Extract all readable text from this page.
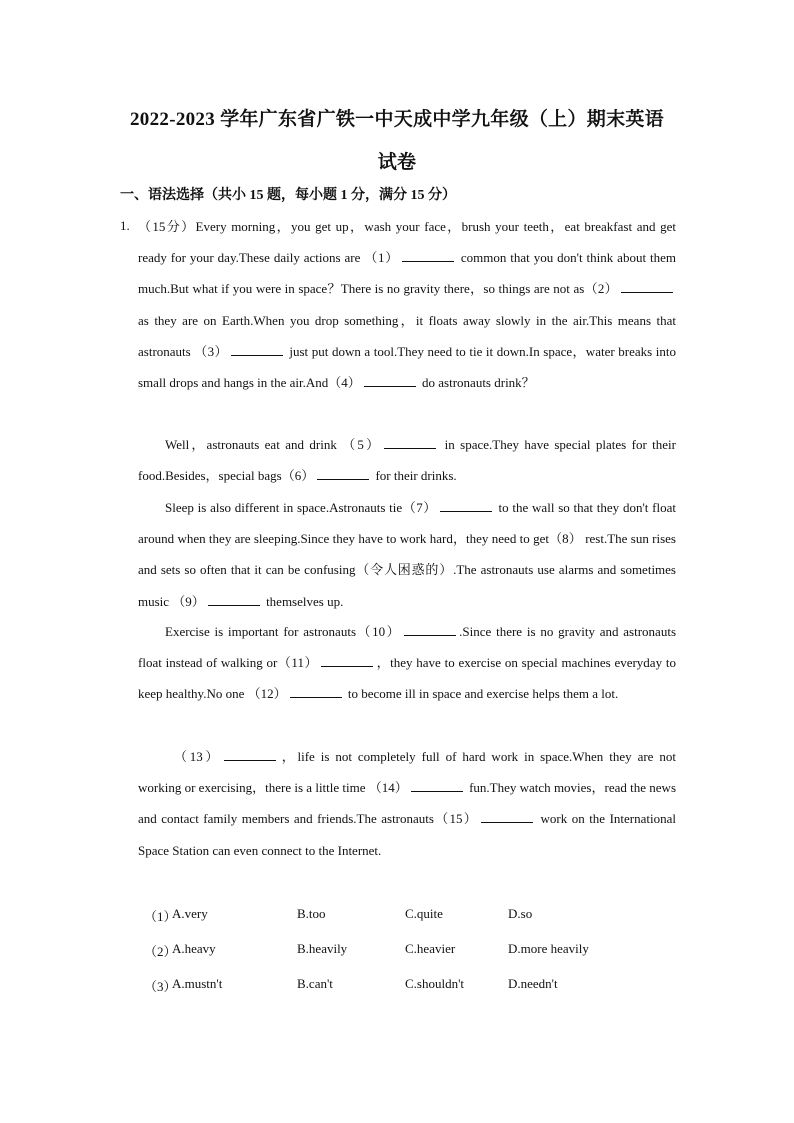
2022-2023 学年广东省广铁一中天成中学九年级（上）期末英语
试卷
一、语法选择（共小 15 题，每小题 1 分，满分 15 分）
1. （15分）Every morning，you get up，wash your face，brush your teeth，eat breakfast and get ready for your day.These daily actions are （1）	common that you don't think about them much.But what if you were in space？There is no gravity there，so things are not as（2） as they are on Earth.When you drop something，it floats away slowly in the air.This means that astronauts （3）	just put down a tool.They need to tie it down.In space，water breaks into small drops and hangs in the air.And（4）	do astronauts drink？
Well，astronauts eat and drink （5）	in space.They have special plates for their food.Besides，special bags（6）	for their drinks.
Sleep is also different in space.Astronauts tie（7）	to the wall so that they don't float around when they are sleeping.Since they have to work hard，they need to get（8） rest.The sun rises and sets so often that it can be confusing（令人困惑的）.The astronauts use alarms and sometimes music （9）	themselves up.
Exercise is important for astronauts（10）	.Since there is no gravity and astronauts float instead of walking or（11）	，they have to exercise on special machines everyday to keep healthy.No one （12）	to become ill in space and exercise helps them a lot.
（13）	，life is not completely full of hard work in space.When they are not working or exercising，there is a little time （14）	fun.They watch movies，read the news and contact family members and friends.The astronauts（15）	work on the International Space Station can even connect to the Internet.
（1）
A.very	B.too	C.quite	D.so
（2）
A.heavy	B.heavily	C.heavier	D.more heavily
（3）
A.mustn't	B.can't	C.shouldn't	D.needn't
